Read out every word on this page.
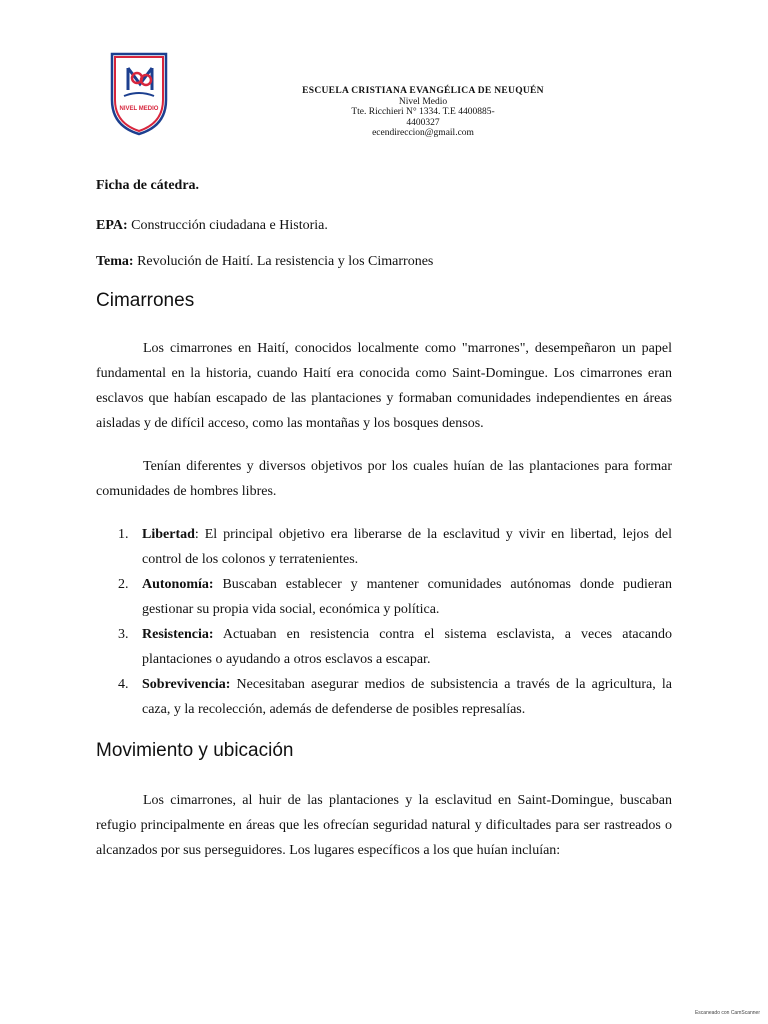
NIVEL MEDIO
ESCUELA CRISTIANA EVANGÉLICA DE NEUQUÉN
Nivel Medio
Tte. Ricchieri N° 1334. T.E 4400885-
4400327
ecendireccion@gmail.com
Ficha de cátedra.
EPA: Construcción ciudadana e Historia.
Tema: Revolución de Haití. La resistencia y los Cimarrones
Cimarrones

Los cimarrones en Haití, conocidos localmente como "marrones", desempeñaron un papel fundamental en la historia, cuando Haití era conocida como Saint-Domingue. Los cimarrones eran esclavos que habían escapado de las plantaciones y formaban comunidades independientes en áreas aisladas y de difícil acceso, como las montañas y los bosques densos.

Tenían diferentes y diversos objetivos por los cuales huían de las plantaciones para formar comunidades de hombres libres.

1. Libertad: El principal objetivo era liberarse de la esclavitud y vivir en libertad, lejos del control de los colonos y terratenientes.
2. Autonomía: Buscaban establecer y mantener comunidades autónomas donde pudieran gestionar su propia vida social, económica y política.
3. Resistencia: Actuaban en resistencia contra el sistema esclavista, a veces atacando plantaciones o ayudando a otros esclavos a escapar.
4. Sobrevivencia: Necesitaban asegurar medios de subsistencia a través de la agricultura, la caza, y la recolección, además de defenderse de posibles represalías.
Movimiento y ubicación

Los cimarrones, al huir de las plantaciones y la esclavitud en Saint-Domingue, buscaban refugio principalmente en áreas que les ofrecían seguridad natural y dificultades para ser rastreados o alcanzados por sus perseguidores. Los lugares específicos a los que huían incluían:

Escaneado con CamScanner
